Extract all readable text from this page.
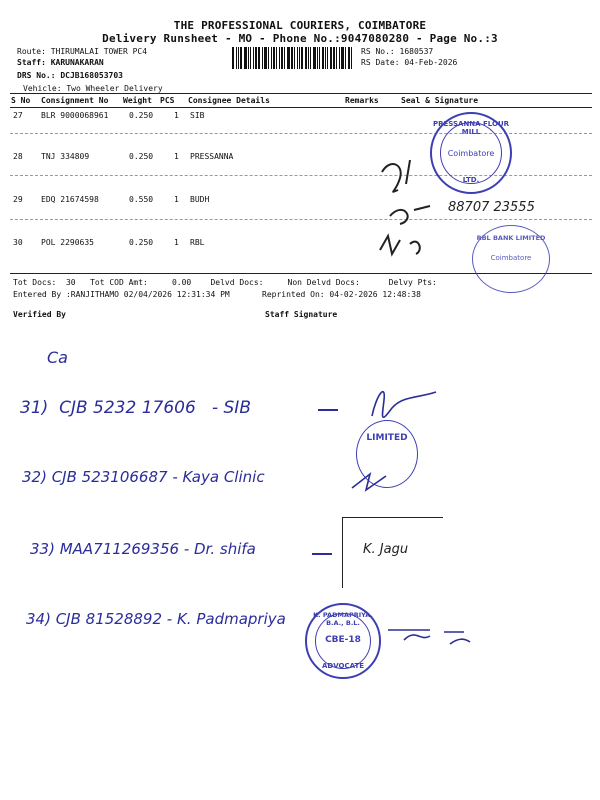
THE PROFESSIONAL COURIERS, COIMBATORE
Delivery Runsheet - MO - Phone No.:9047080280 - Page No.:3
Route: THIRUMALAI TOWER PC4
Staff: KARUNAKARAN
DRS No.: DCJB168053703
Vehicle: Two Wheeler Delivery
RS No.: 1680537
RS Date: 04-Feb-2026
S No Consignment No Weight PCS Consignee Details	Remarks	Seal & Signature
27 BLR 9000068961	0.250	1 SIB
28 TNJ 334809	0.250	1 PRESSANNA
29 EDQ 21674598	0.550	1 BUDH
30 POL 2290635	0.250	1 RBL
Tot Docs:  30   Tot COD Amt:     0.00    Delvd Docs:     Non Delvd Docs:      Delvy Pts:
Entered By :RANJITHAMO 02/04/2026 12:31:34 PM	Reprinted On: 04-02-2026 12:48:38
Verified By	Staff Signature
88707 23555
PRESSANNA FLOUR MILL
Coimbatore
LTD.
RBL BANK LIMITED
Coimbatore
Ca
31)  CJB 5232 17606   - SIB
LIMITED
32) CJB 523106687 - Kaya Clinic
33) MAA711269356 - Dr. shifa	K. Jagu
34) CJB 81528892 - K. Padmapriya	K. PADMAPRIYA, B.A., B.L.
CBE-18
ADVOCATE
